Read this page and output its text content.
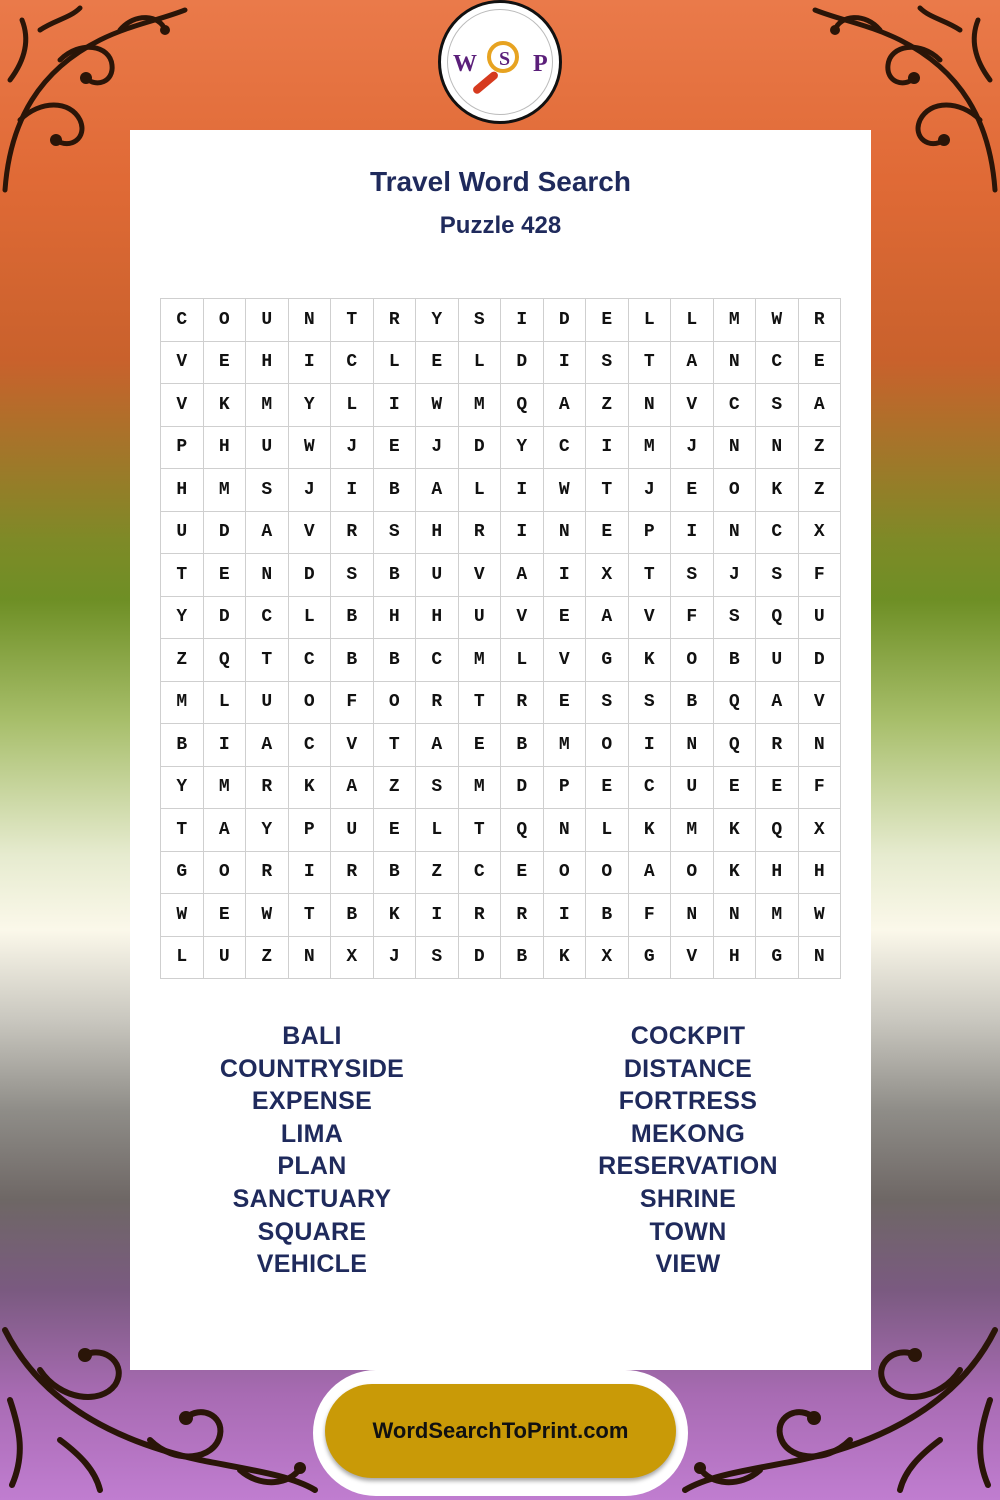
W S P
Travel Word Search
Puzzle 428
C	O	U	N	T	R	Y	S	I	D	E	L	L	M	W	R
V	E	H	I	C	L	E	L	D	I	S	T	A	N	C	E
V	K	M	Y	L	I	W	M	Q	A	Z	N	V	C	S	A
P	H	U	W	J	E	J	D	Y	C	I	M	J	N	N	Z
H	M	S	J	I	B	A	L	I	W	T	J	E	O	K	Z
U	D	A	V	R	S	H	R	I	N	E	P	I	N	C	X
T	E	N	D	S	B	U	V	A	I	X	T	S	J	S	F
Y	D	C	L	B	H	H	U	V	E	A	V	F	S	Q	U
Z	Q	T	C	B	B	C	M	L	V	G	K	O	B	U	D
M	L	U	O	F	O	R	T	R	E	S	S	B	Q	A	V
B	I	A	C	V	T	A	E	B	M	O	I	N	Q	R	N
Y	M	R	K	A	Z	S	M	D	P	E	C	U	E	E	F
T	A	Y	P	U	E	L	T	Q	N	L	K	M	K	Q	X
G	O	R	I	R	B	Z	C	E	O	O	A	O	K	H	H
W	E	W	T	B	K	I	R	R	I	B	F	N	N	M	W
L	U	Z	N	X	J	S	D	B	K	X	G	V	H	G	N
BALI
COUNTRYSIDE
EXPENSE
LIMA
PLAN
SANCTUARY
SQUARE
VEHICLE
COCKPIT
DISTANCE
FORTRESS
MEKONG
RESERVATION
SHRINE
TOWN
VIEW
WordSearchToPrint.com
